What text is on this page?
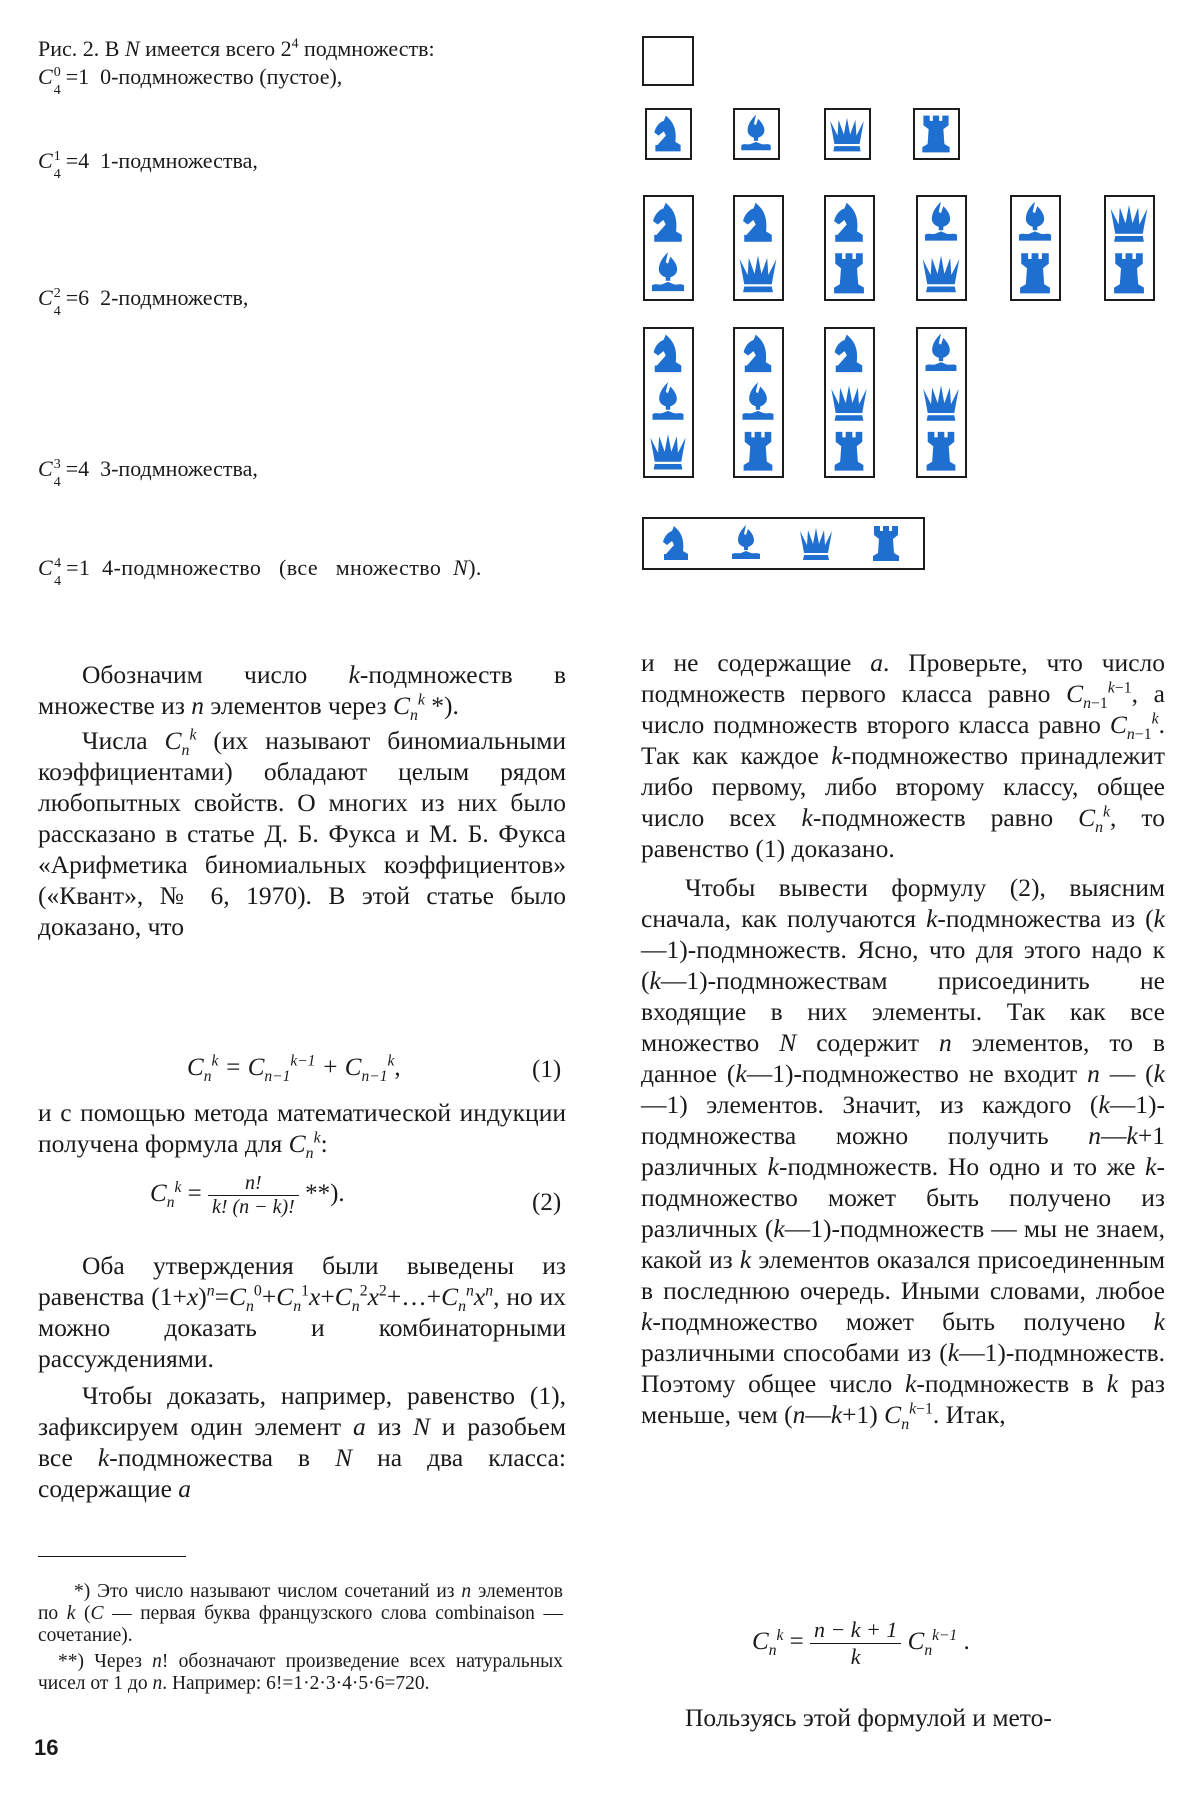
Рис. 2. В N имеется всего $2^4$ подмножеств:
C 0
4
=1  0-подмножество (пустое),
C 1
4
=4  1-подмножества,
C 2
4
=6  2-подмножеств,
C 3
4
=4  3-подмножества,
C 4
4
=1  4-подмножество   (все   множество  N).

Обозначим число k-подмножеств в множестве из n элементов через $C_n^k$ *).

Числа $C_n^k$ (их называют биномиальными коэффициентами) обладают целым рядом любопытных свойств. О многих из них было рассказано в статье Д. Б. Фукса и М. Б. Фукса «Арифметика биномиальных коэффициентов» («Квант», № 6, 1970). В этой статье было доказано, что

$C_n^k = C_{n-1}^{k-1} + C_{n-1}^k$,	(1)

и с помощью метода математической индукции получена формула для $C_n^k$:

$C_n^k = \frac{n!}{k! (n - k)!}$ **).	(2)

Оба утверждения были выведены из равенства $(1+x)^n=C_n^0+C_n^1x+C_n^2x^2+\dots+C_n^nx^n$, но их можно доказать и комбинаторными рассуждениями.

Чтобы доказать, например, равенство (1), зафиксируем один элемент a из N и разобьем все k-подмножества в N на два класса: содержащие a

*) Это число называют числом сочетаний из n элементов по k (C — первая буква французского слова combinaison — сочетание).

**) Через n! обозначают произведение всех натуральных чисел от 1 до n. Например: 6!=1·2·3·4·5·6=720.

16

и не содержащие a. Проверьте, что число подмножеств первого класса равно $C_{n-1}^{k-1}$, а число подмножеств второго класса равно $C_{n-1}^k$. Так как каждое k-подмножество принадлежит либо первому, либо второму классу, общее число всех k-подмножеств равно $C_n^k$, то равенство (1) доказано.

Чтобы вывести формулу (2), выясним сначала, как получаются k-подмножества из (k—1)-подмножеств. Ясно, что для этого надо к (k—1)-подмножествам присоединить не входящие в них элементы. Так как все множество N содержит n элементов, то в данное (k—1)-подмножество не входит n — (k—1) элементов. Значит, из каждого (k—1)-подмножества можно получить n—k+1 различных k-подмножеств. Но одно и то же k-подмножество может быть получено из различных (k—1)-подмножеств — мы не знаем, какой из k элементов оказался присоединенным в последнюю очередь. Иными словами, любое k-подмножество может быть получено k различными способами из (k—1)-подмножеств. Поэтому общее число k-подмножеств в k раз меньше, чем (n—k+1) $C_n^{k-1}$. Итак,

$C_n^k = \frac{n - k + 1}{k} C_n^{k-1}$ .

Пользуясь этой формулой и мето-
